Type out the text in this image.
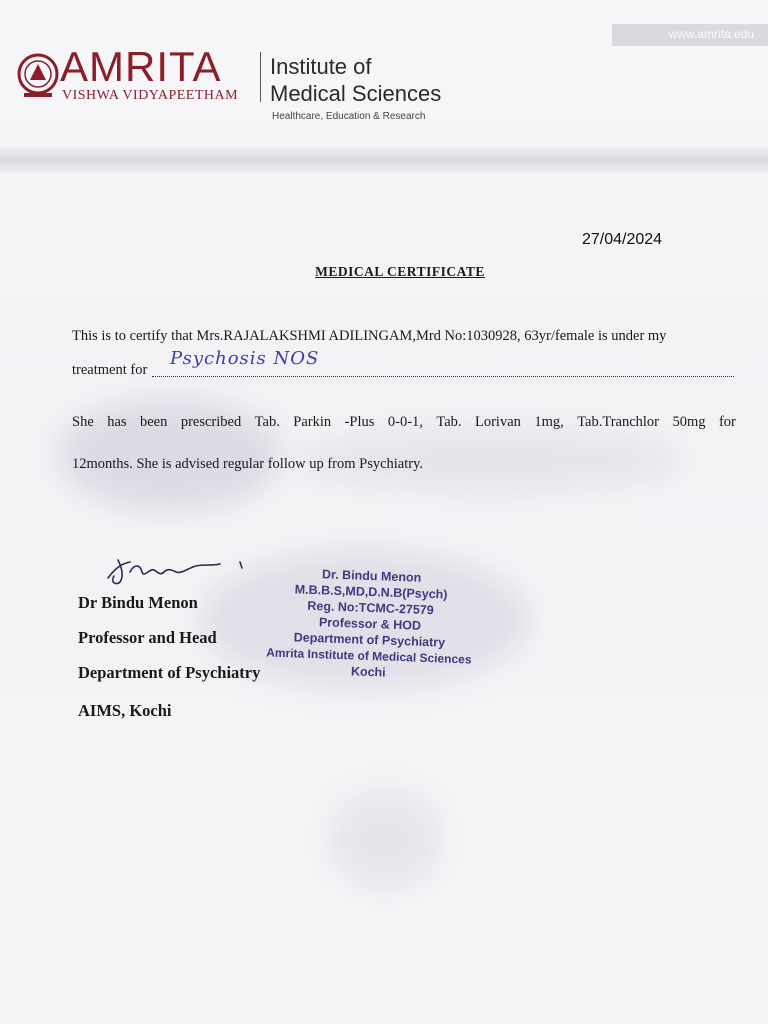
www.amrita.edu
AMRITA
VISHWA VIDYAPEETHAM
Institute of
Medical Sciences
Healthcare, Education & Research
27/04/2024
MEDICAL CERTIFICATE
This is to certify that Mrs.RAJALAKSHMI ADILINGAM,Mrd No:1030928, 63yr/female is under my
treatment for
Psychosis NOS
She has been prescribed Tab. Parkin -Plus 0-0-1, Tab. Lorivan 1mg, Tab.Tranchlor 50mg for
12months. She is advised regular follow up from Psychiatry.
Dr Bindu Menon
Professor and Head
Department of Psychiatry
AIMS, Kochi
Dr. Bindu Menon
M.B.B.S,MD,D.N.B(Psych)
Reg. No:TCMC-27579
Professor & HOD
Department of Psychiatry
Amrita Institute of Medical Sciences
Kochi
